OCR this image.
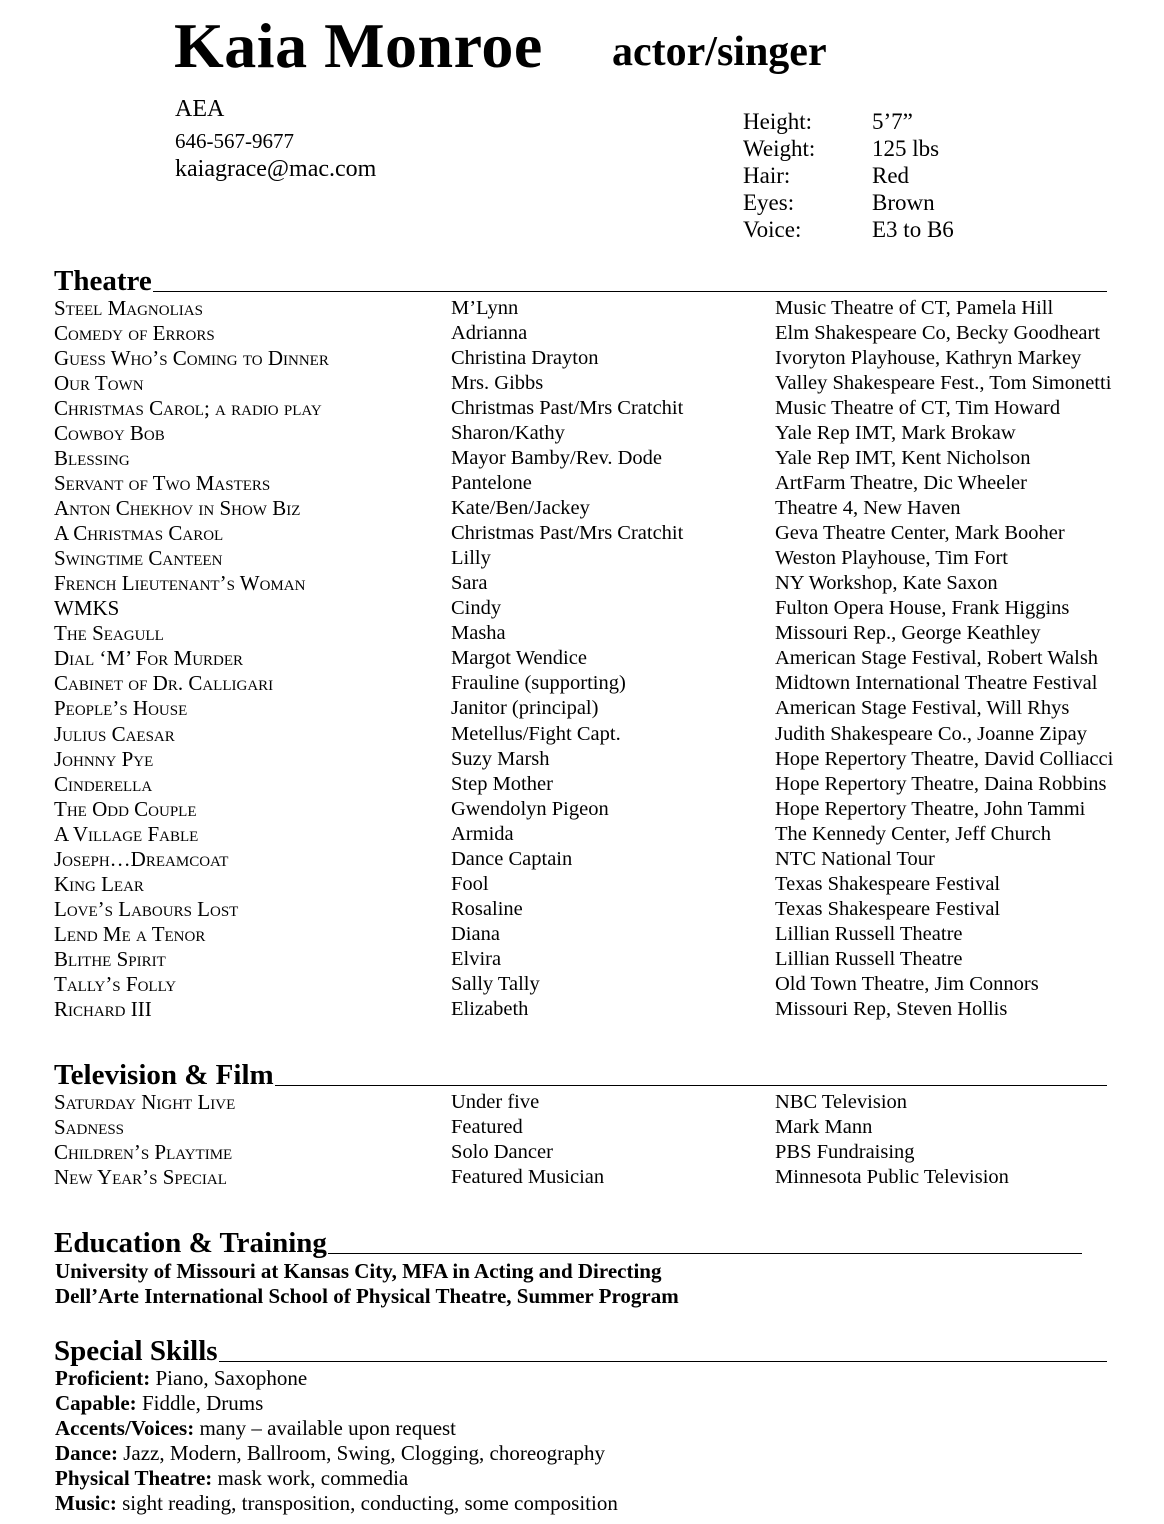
Kaia Monroe actor/singer
AEA
646-567-9677
kaiagrace@mac.com
Height:	5’7”
Weight: 125 lbs
Hair:	Red
Eyes:	Brown
Voice:	E3 to B6
Theatre
Steel Magnolias	M’Lynn	Music Theatre of CT, Pamela Hill
Comedy of Errors	Adrianna	Elm Shakespeare Co, Becky Goodheart
Guess Who’s Coming to Dinner	Christina Drayton	Ivoryton Playhouse, Kathryn Markey
Our Town	Mrs. Gibbs	Valley Shakespeare Fest., Tom Simonetti
Christmas Carol; a radio play	Christmas Past/Mrs Cratchit	Music Theatre of CT, Tim Howard
Cowboy Bob	Sharon/Kathy	Yale Rep IMT, Mark Brokaw
Blessing	Mayor Bamby/Rev. Dode	Yale Rep IMT, Kent Nicholson
Servant of Two Masters	Pantelone	ArtFarm Theatre, Dic Wheeler
Anton Chekhov in Show Biz	Kate/Ben/Jackey	Theatre 4, New Haven
A Christmas Carol	Christmas Past/Mrs Cratchit	Geva Theatre Center, Mark Booher
Swingtime Canteen	Lilly	Weston Playhouse, Tim Fort
French Lieutenant’s Woman	Sara	NY Workshop, Kate Saxon
WMKS	Cindy	Fulton Opera House, Frank Higgins
The Seagull	Masha	Missouri Rep., George Keathley
Dial ‘M’ For Murder	Margot Wendice	American Stage Festival, Robert Walsh
Cabinet of Dr. Calligari	Frauline (supporting)	Midtown International Theatre Festival
People’s House	Janitor (principal)	American Stage Festival, Will Rhys
Julius Caesar	Metellus/Fight Capt.	Judith Shakespeare Co., Joanne Zipay
Johnny Pye	Suzy Marsh	Hope Repertory Theatre, David Colliacci
Cinderella	Step Mother	Hope Repertory Theatre, Daina Robbins
The Odd Couple	Gwendolyn Pigeon	Hope Repertory Theatre, John Tammi
A Village Fable	Armida	The Kennedy Center, Jeff Church
Joseph…Dreamcoat	Dance Captain	NTC National Tour
King Lear	Fool	Texas Shakespeare Festival
Love’s Labours Lost	Rosaline	Texas Shakespeare Festival
Lend Me a Tenor	Diana	Lillian Russell Theatre
Blithe Spirit	Elvira	Lillian Russell Theatre
Tally’s Folly	Sally Tally	Old Town Theatre, Jim Connors
Richard III	Elizabeth	Missouri Rep, Steven Hollis
Television & Film
Saturday Night Live	Under five	NBC Television
Sadness	Featured	Mark Mann
Children’s Playtime	Solo Dancer	PBS Fundraising
New Year’s Special	Featured Musician	Minnesota Public Television
Education & Training
University of Missouri at Kansas City, MFA in Acting and Directing
Dell’Arte International School of Physical Theatre, Summer Program
Special Skills
Proficient: Piano, Saxophone
Capable: Fiddle, Drums
Accents/Voices: many – available upon request
Dance: Jazz, Modern, Ballroom, Swing, Clogging, choreography
Physical Theatre: mask work, commedia
Music: sight reading, transposition, conducting, some composition
